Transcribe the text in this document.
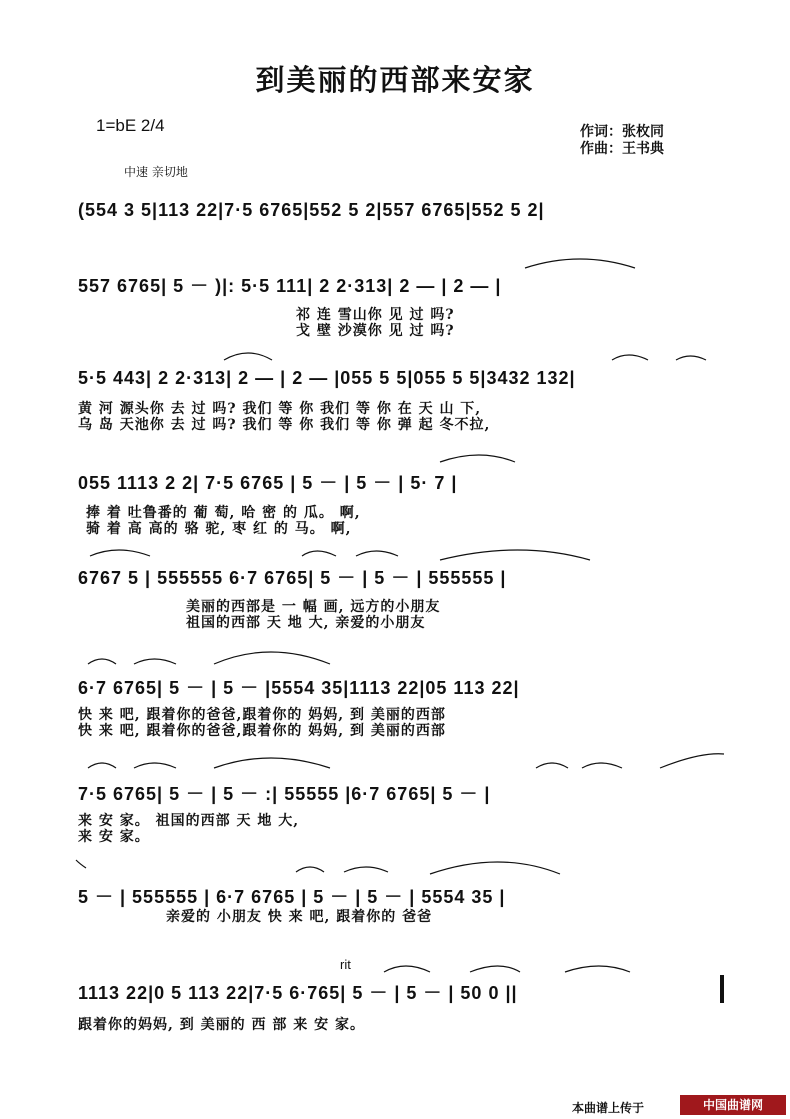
到美丽的西部来安家
1=bE 2/4	作词：张枚同
作曲：王书典
中速 亲切地
(554 3 5|113 22|7·5 6765|552 5 2|557 6765|552 5 2|
557 6765| 5 － )|: 5·5 111| 2 2·313| 2 — | 2 — |
祁 连 雪山你 见 过 吗?
戈 壁 沙漠你 见 过 吗?
5·5 443| 2 2·313| 2 — | 2 — |055 5 5|055 5 5|3432 132|
黄 河 源头你 去 过 吗? 我们 等 你 我们 等 你 在 天 山 下,
乌 岛 天池你 去 过 吗? 我们 等 你 我们 等 你 弹 起 冬不拉,
055 1113 2 2| 7·5 6765 | 5 － | 5 － | 5· 7 |
捧 着 吐鲁番的 葡 萄, 哈 密 的 瓜。 啊,
骑 着 高 高的 骆 驼, 枣 红 的 马。 啊,
6767 5 | 555555 6·7 6765| 5 － | 5 － | 555555 |
美丽的西部是 一 幅 画, 远方的小朋友
祖国的西部 天 地 大, 亲爱的小朋友
6·7 6765| 5 － | 5 － |5554 35|1113 22|05 113 22|
快 来 吧, 跟着你的爸爸,跟着你的 妈妈, 到 美丽的西部
快 来 吧, 跟着你的爸爸,跟着你的 妈妈, 到 美丽的西部
7·5 6765| 5 － | 5 － :| 55555 |6·7 6765| 5 － |
来 安 家。 祖国的西部 天 地 大,
来 安 家。
5 － | 555555 | 6·7 6765 | 5 － | 5 － | 5554 35 |
亲爱的 小朋友 快 来 吧, 跟着你的 爸爸
rit
1113 22|0 5 113 22|7·5 6·765| 5 － | 5 － | 50 0 ||
跟着你的妈妈, 到 美丽的 西 部 来 安 家。
本曲谱上传于	中国曲谱网
